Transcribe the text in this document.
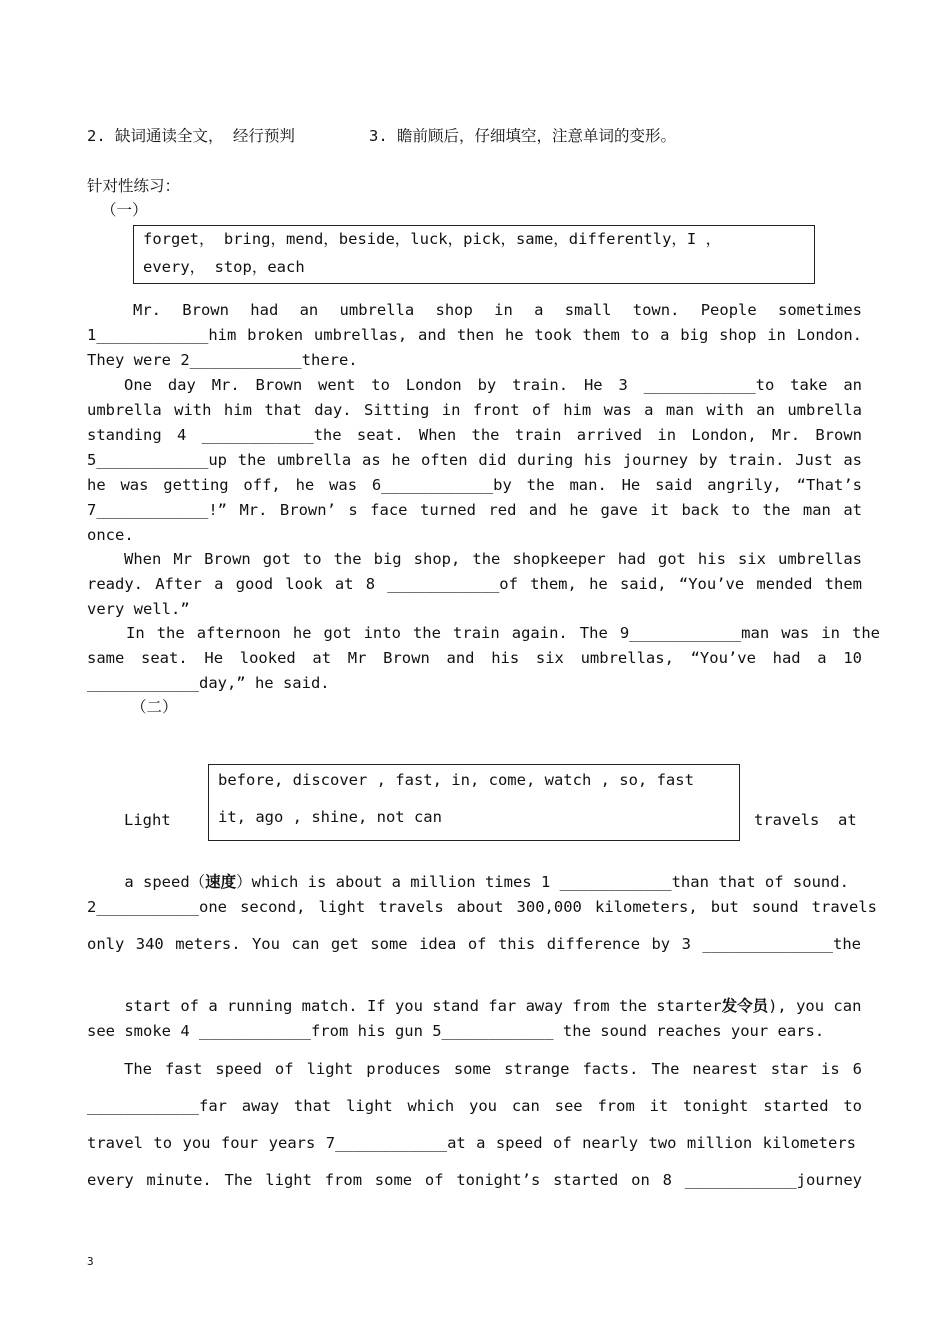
2. 缺词通读全文， 经行预判	3. 瞻前顾后，仔细填空，注意单词的变形。
针对性练习：
（一）
forget， bring，mend，beside，luck，pick，same，differently，I ，
every， stop，each
Mr. Brown had an umbrella shop in a small town. People sometimes
1____________him broken umbrellas, and then he took them to a big shop in London.
They were 2____________there.
One day Mr. Brown went to London by train. He 3 ____________to take an
umbrella with him that day. Sitting in front of him was a man with an umbrella
standing 4 ____________the seat. When the train arrived in London, Mr. Brown
5____________up the umbrella as he often did during his journey by train. Just as
he was getting off, he was 6____________by the man. He said angrily, “That’s
7____________!” Mr. Brown’ s face turned red and he gave it back to the man at
once.
When Mr Brown got to the big shop, the shopkeeper had got his six umbrellas
ready. After a good look at 8 ____________of them, he said, “You’ve mended them
very well.”
In the afternoon he got into the train again. The 9____________man was in the
same seat. He looked at Mr Brown and his six umbrellas, “You’ve had a 10
____________day,” he said.
（二）
before, discover , fast, in, come, watch , so, fast
it, ago , shine, not can
Light	travels  at

a speed（速度）which is about a million times 1 ____________than that of sound.

2___________one second, light travels about 300,000 kilometers, but sound travels
only 340 meters. You can get some idea of this difference by 3 ______________the

start of a running match. If you stand far away from the starter发令员), you can

see smoke 4 ____________from his gun 5____________ the sound reaches your ears.
The fast speed of light produces some strange facts. The nearest star is 6
____________far away that light which you can see from it tonight started to
travel to you four years 7____________at a speed of nearly two million kilometers
every minute. The light from some of tonight’s started on 8 ____________journey
3
